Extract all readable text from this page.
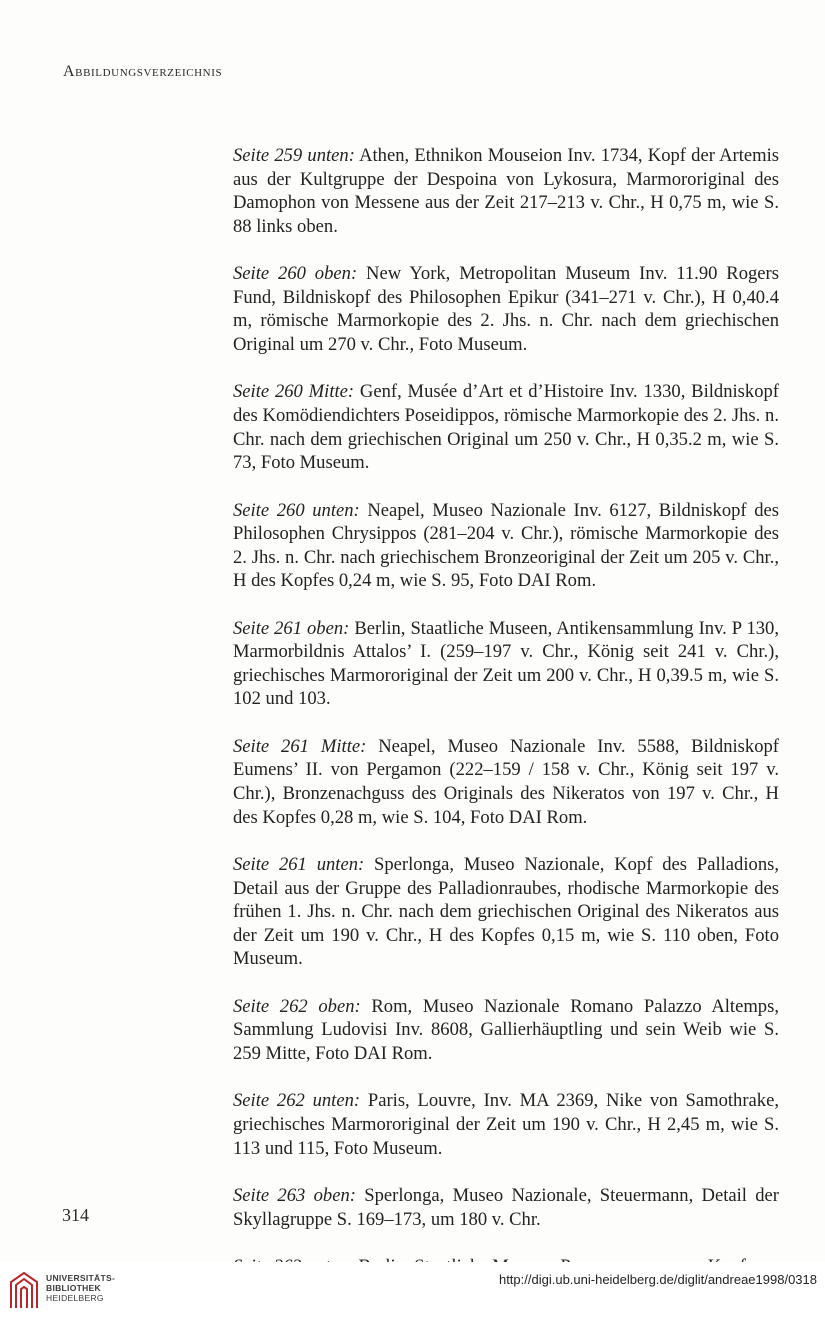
Abbildungsverzeichnis

Seite 259 unten: Athen, Ethnikon Mouseion Inv. 1734, Kopf der Artemis aus der Kultgruppe der Despoina von Lykosura, Marmororiginal des Damophon von Messene aus der Zeit 217–213 v. Chr., H 0,75 m, wie S. 88 links oben.

Seite 260 oben: New York, Metropolitan Museum Inv. 11.90 Rogers Fund, Bildniskopf des Philosophen Epikur (341–271 v. Chr.), H 0,40.4 m, römische Marmorkopie des 2. Jhs. n. Chr. nach dem griechischen Original um 270 v. Chr., Foto Museum.

Seite 260 Mitte: Genf, Musée d’Art et d’Histoire Inv. 1330, Bildniskopf des Komödiendichters Poseidippos, römische Marmorkopie des 2. Jhs. n. Chr. nach dem griechischen Original um 250 v. Chr., H 0,35.2 m, wie S. 73, Foto Museum.

Seite 260 unten: Neapel, Museo Nazionale Inv. 6127, Bildniskopf des Philosophen Chrysippos (281–204 v. Chr.), römische Marmorkopie des 2. Jhs. n. Chr. nach griechischem Bronzeoriginal der Zeit um 205 v. Chr., H des Kopfes 0,24 m, wie S. 95, Foto DAI Rom.

Seite 261 oben: Berlin, Staatliche Museen, Antikensammlung Inv. P 130, Marmorbildnis Attalos’ I. (259–197 v. Chr., König seit 241 v. Chr.), griechisches Marmororiginal der Zeit um 200 v. Chr., H 0,39.5 m, wie S. 102 und 103.

Seite 261 Mitte: Neapel, Museo Nazionale Inv. 5588, Bildniskopf Eumens’ II. von Pergamon (222–159 / 158 v. Chr., König seit 197 v. Chr.), Bronzenachguss des Originals des Nikeratos von 197 v. Chr., H des Kopfes 0,28 m, wie S. 104, Foto DAI Rom.

Seite 261 unten: Sperlonga, Museo Nazionale, Kopf des Palladions, Detail aus der Gruppe des Palladionraubes, rhodische Marmorkopie des frühen 1. Jhs. n. Chr. nach dem griechischen Original des Nikeratos aus der Zeit um 190 v. Chr., H des Kopfes 0,15 m, wie S. 110 oben, Foto Museum.

Seite 262 oben: Rom, Museo Nazionale Romano Palazzo Altemps, Sammlung Ludovisi Inv. 8608, Gallierhäuptling und sein Weib wie S. 259 Mitte, Foto DAI Rom.

Seite 262 unten: Paris, Louvre, Inv. MA 2369, Nike von Samothrake, griechisches Marmororiginal der Zeit um 190 v. Chr., H 2,45 m, wie S. 113 und 115, Foto Museum.

Seite 263 oben: Sperlonga, Museo Nazionale, Steuermann, Detail der Skyllagruppe S. 169–173, um 180 v. Chr.

314
UNIVERSITÄTS-
BIBLIOTHEK
HEIDELBERG
http://digi.ub.uni-heidelberg.de/diglit/andreae1998/0318
